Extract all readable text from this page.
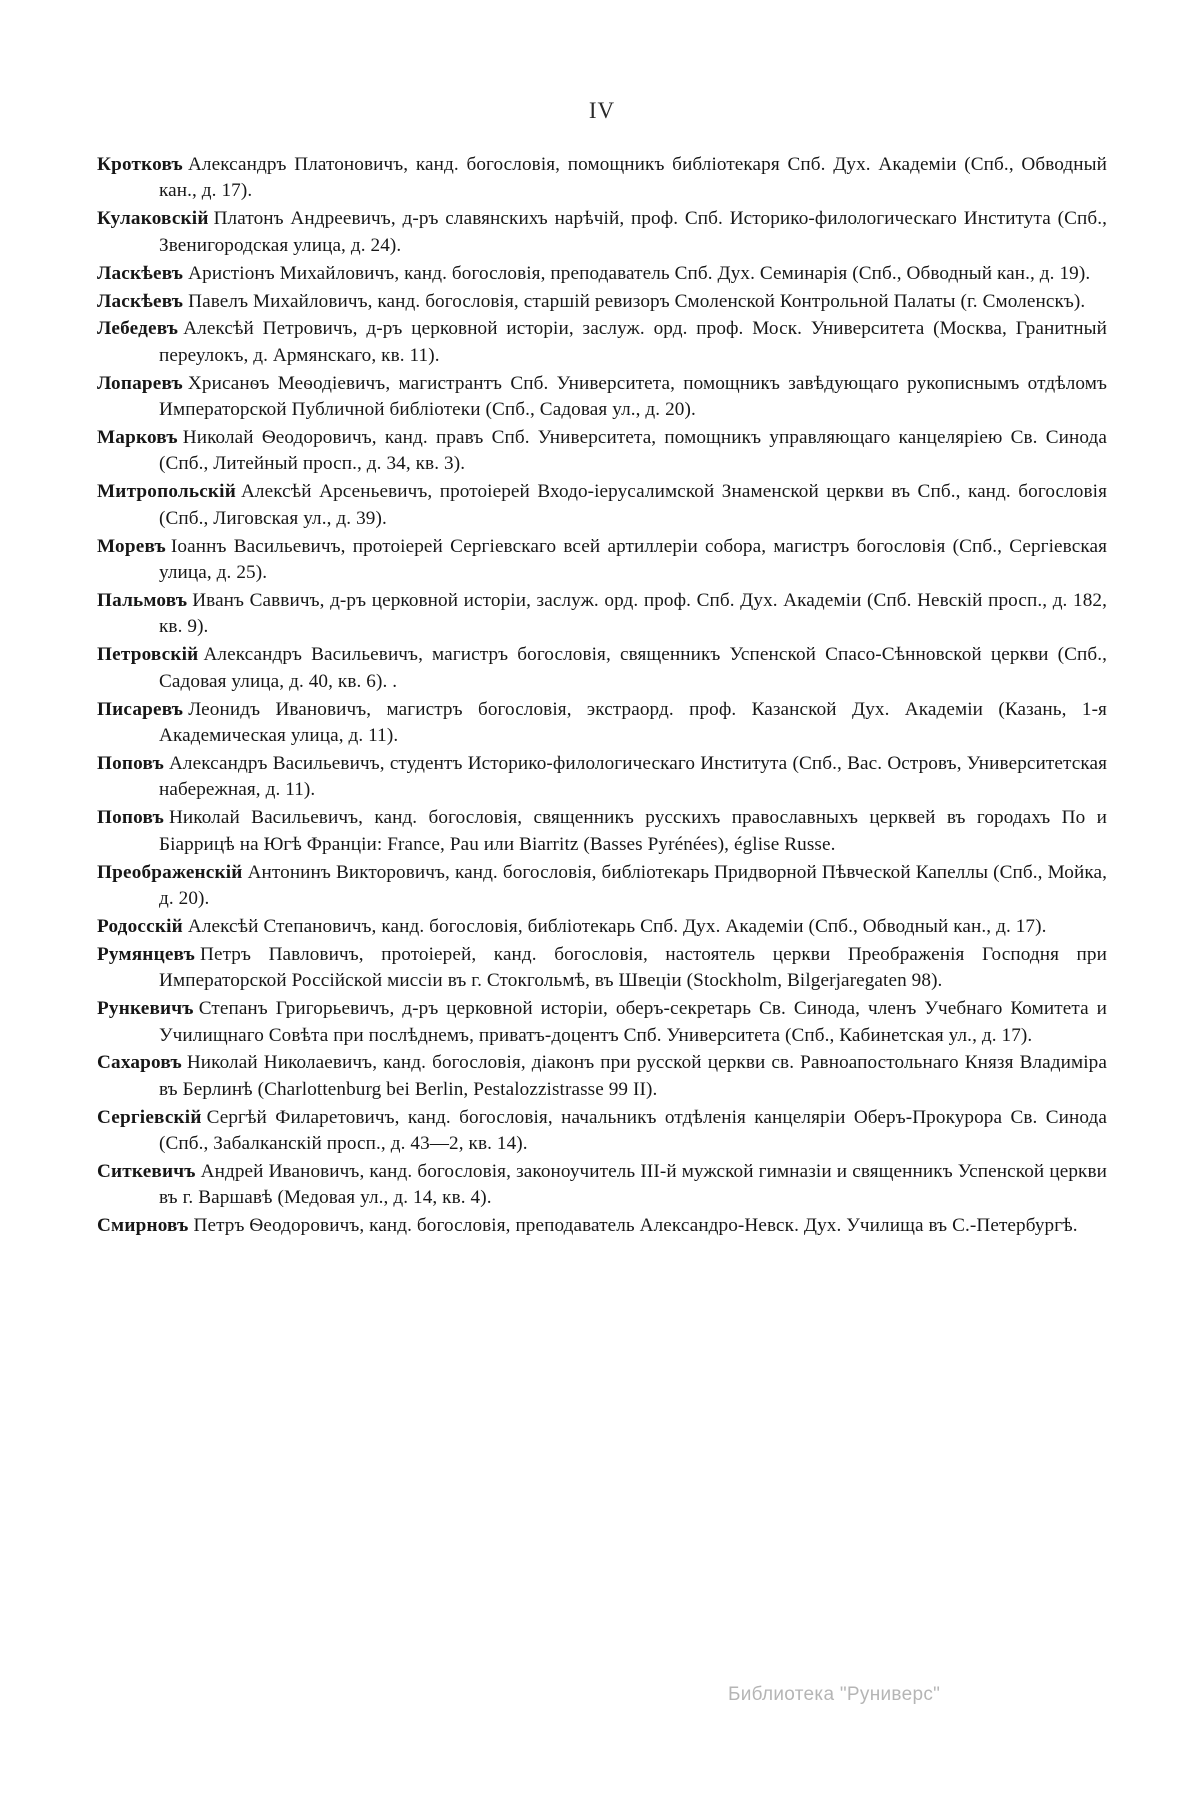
IV
Кротковъ Александръ Платоновичъ, канд. богословія, помощникъ библіотекаря Спб. Дух. Академіи (Спб., Обводный кан., д. 17).
Кулаковскій Платонъ Андреевичъ, д-ръ славянскихъ нарѣчій, проф. Спб. Историко-филологическаго Института (Спб., Звенигородская улица, д. 24).
Ласкѣевъ Аристіонъ Михайловичъ, канд. богословія, преподаватель Спб. Дух. Семинарія (Спб., Обводный кан., д. 19).
Ласкѣевъ Павелъ Михайловичъ, канд. богословія, старшій ревизоръ Смоленской Контрольной Палаты (г. Смоленскъ).
Лебедевъ Алексѣй Петровичъ, д-ръ церковной исторіи, заслуж. орд. проф. Моск. Университета (Москва, Гранитный переулокъ, д. Армянскаго, кв. 11).
Лопаревъ Хрисанѳъ Меѳодіевичъ, магистрантъ Спб. Университета, помощникъ завѣдующаго рукописнымъ отдѣломъ Императорской Публичной библіотеки (Спб., Садовая ул., д. 20).
Марковъ Николай Ѳеодоровичъ, канд. правъ Спб. Университета, помощникъ управляющаго канцеляріею Св. Синода (Спб., Литейный просп., д. 34, кв. 3).
Митропольскій Алексѣй Арсеньевичъ, протоіерей Входо-іерусалимской Знаменской церкви въ Спб., канд. богословія (Спб., Лиговская ул., д. 39).
Моревъ Іоаннъ Васильевичъ, протоіерей Сергіевскаго всей артиллеріи собора, магистръ богословія (Спб., Сергіевская улица, д. 25).
Пальмовъ Иванъ Саввичъ, д-ръ церковной исторіи, заслуж. орд. проф. Спб. Дух. Академіи (Спб. Невскій просп., д. 182, кв. 9).
Петровскій Александръ Васильевичъ, магистръ богословія, священникъ Успенской Спасо-Сѣнновской церкви (Спб., Садовая улица, д. 40, кв. 6). .
Писаревъ Леонидъ Ивановичъ, магистръ богословія, экстраорд. проф. Казанской Дух. Академіи (Казань, 1-я Академическая улица, д. 11).
Поповъ Александръ Васильевичъ, студентъ Историко-филологическаго Института (Спб., Вас. Островъ, Университетская набережная, д. 11).
Поповъ Николай Васильевичъ, канд. богословія, священникъ русскихъ православныхъ церквей въ городахъ По и Біаррицѣ на Югѣ Франціи: France, Pau или Biarritz (Basses Pyrénées), église Russe.
Преображенскій Антонинъ Викторовичъ, канд. богословія, библіотекарь Придворной Пѣвческой Капеллы (Спб., Мойка, д. 20).
Родосскій Алексѣй Степановичъ, канд. богословія, библіотекарь Спб. Дух. Академіи (Спб., Обводный кан., д. 17).
Румянцевъ Петръ Павловичъ, протоіерей, канд. богословія, настоятель церкви Преображенія Господня при Императорской Россійской миссіи въ г. Стокгольмѣ, въ Швеціи (Stockholm, Bilgerjaregaten 98).
Рункевичъ Степанъ Григорьевичъ, д-ръ церковной исторіи, оберъ-секретарь Св. Синода, членъ Учебнаго Комитета и Училищнаго Совѣта при послѣднемъ, приватъ-доцентъ Спб. Университета (Спб., Кабинетская ул., д. 17).
Сахаровъ Николай Николаевичъ, канд. богословія, діаконъ при русской церкви св. Равноапостольнаго Князя Владиміра въ Берлинѣ (Charlottenburg bei Berlin, Pestalozzistrasse 99 II).
Сергіевскій Сергѣй Филаретовичъ, канд. богословія, начальникъ отдѣленія канцеляріи Оберъ-Прокурора Св. Синода (Спб., Забалканскій просп., д. 43—2, кв. 14).
Ситкевичъ Андрей Ивановичъ, канд. богословія, законоучитель III-й мужской гимназіи и священникъ Успенской церкви въ г. Варшавѣ (Медовая ул., д. 14, кв. 4).
Смирновъ Петръ Ѳеодоровичъ, канд. богословія, преподаватель Александро-Невск. Дух. Училища въ С.-Петербургѣ.
Библиотека "Руниверс"
